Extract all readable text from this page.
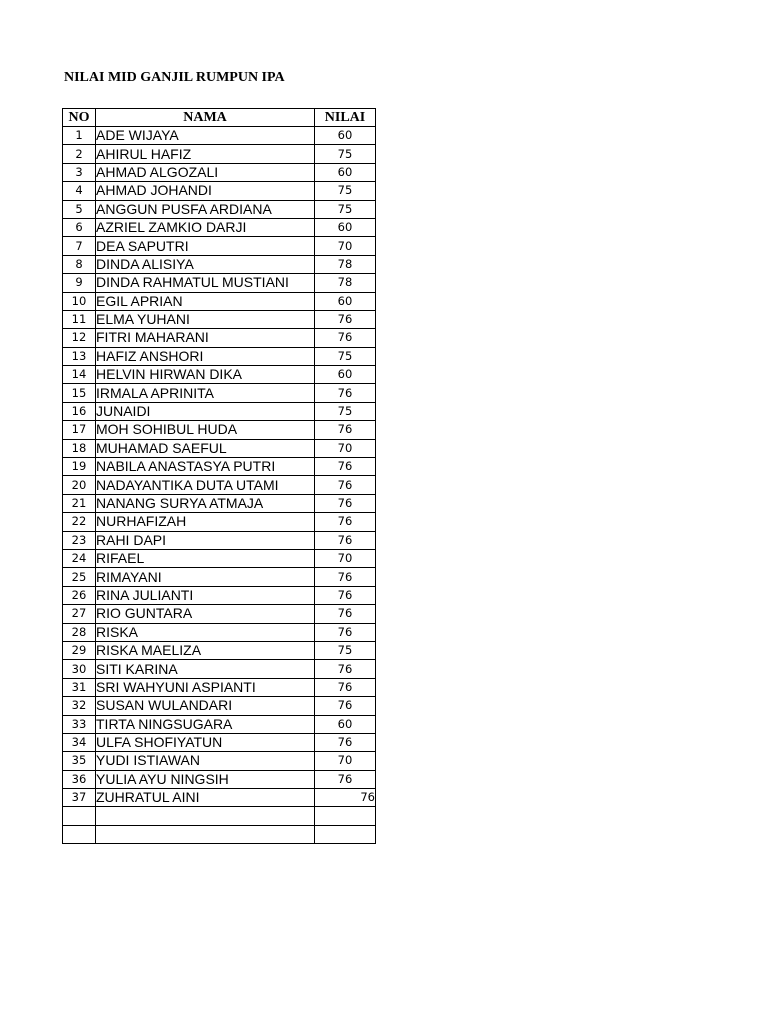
NILAI MID GANJIL RUMPUN IPA
NO	NAMA	NILAI
1	ADE WIJAYA	60
2	AHIRUL HAFIZ	75
3	AHMAD ALGOZALI	60
4	AHMAD JOHANDI	75
5	ANGGUN PUSFA ARDIANA	75
6	AZRIEL ZAMKIO DARJI	60
7	DEA SAPUTRI	70
8	DINDA ALISIYA	78
9	DINDA RAHMATUL MUSTIANI	78
10	EGIL APRIAN	60
11	ELMA YUHANI	76
12	FITRI MAHARANI	76
13	HAFIZ ANSHORI	75
14	HELVIN HIRWAN DIKA	60
15	IRMALA APRINITA	76
16	JUNAIDI	75
17	MOH SOHIBUL HUDA	76
18	MUHAMAD SAEFUL	70
19	NABILA ANASTASYA PUTRI	76
20	NADAYANTIKA DUTA UTAMI	76
21	NANANG SURYA ATMAJA	76
22	NURHAFIZAH	76
23	RAHI DAPI	76
24	RIFAEL	70
25	RIMAYANI	76
26	RINA JULIANTI	76
27	RIO GUNTARA	76
28	RISKA	76
29	RISKA MAELIZA	75
30	SITI KARINA	76
31	SRI WAHYUNI ASPIANTI	76
32	SUSAN WULANDARI	76
33	TIRTA NINGSUGARA	60
34	ULFA SHOFIYATUN	76
35	YUDI ISTIAWAN	70
36	YULIA AYU NINGSIH	76
37	ZUHRATUL AINI	76
